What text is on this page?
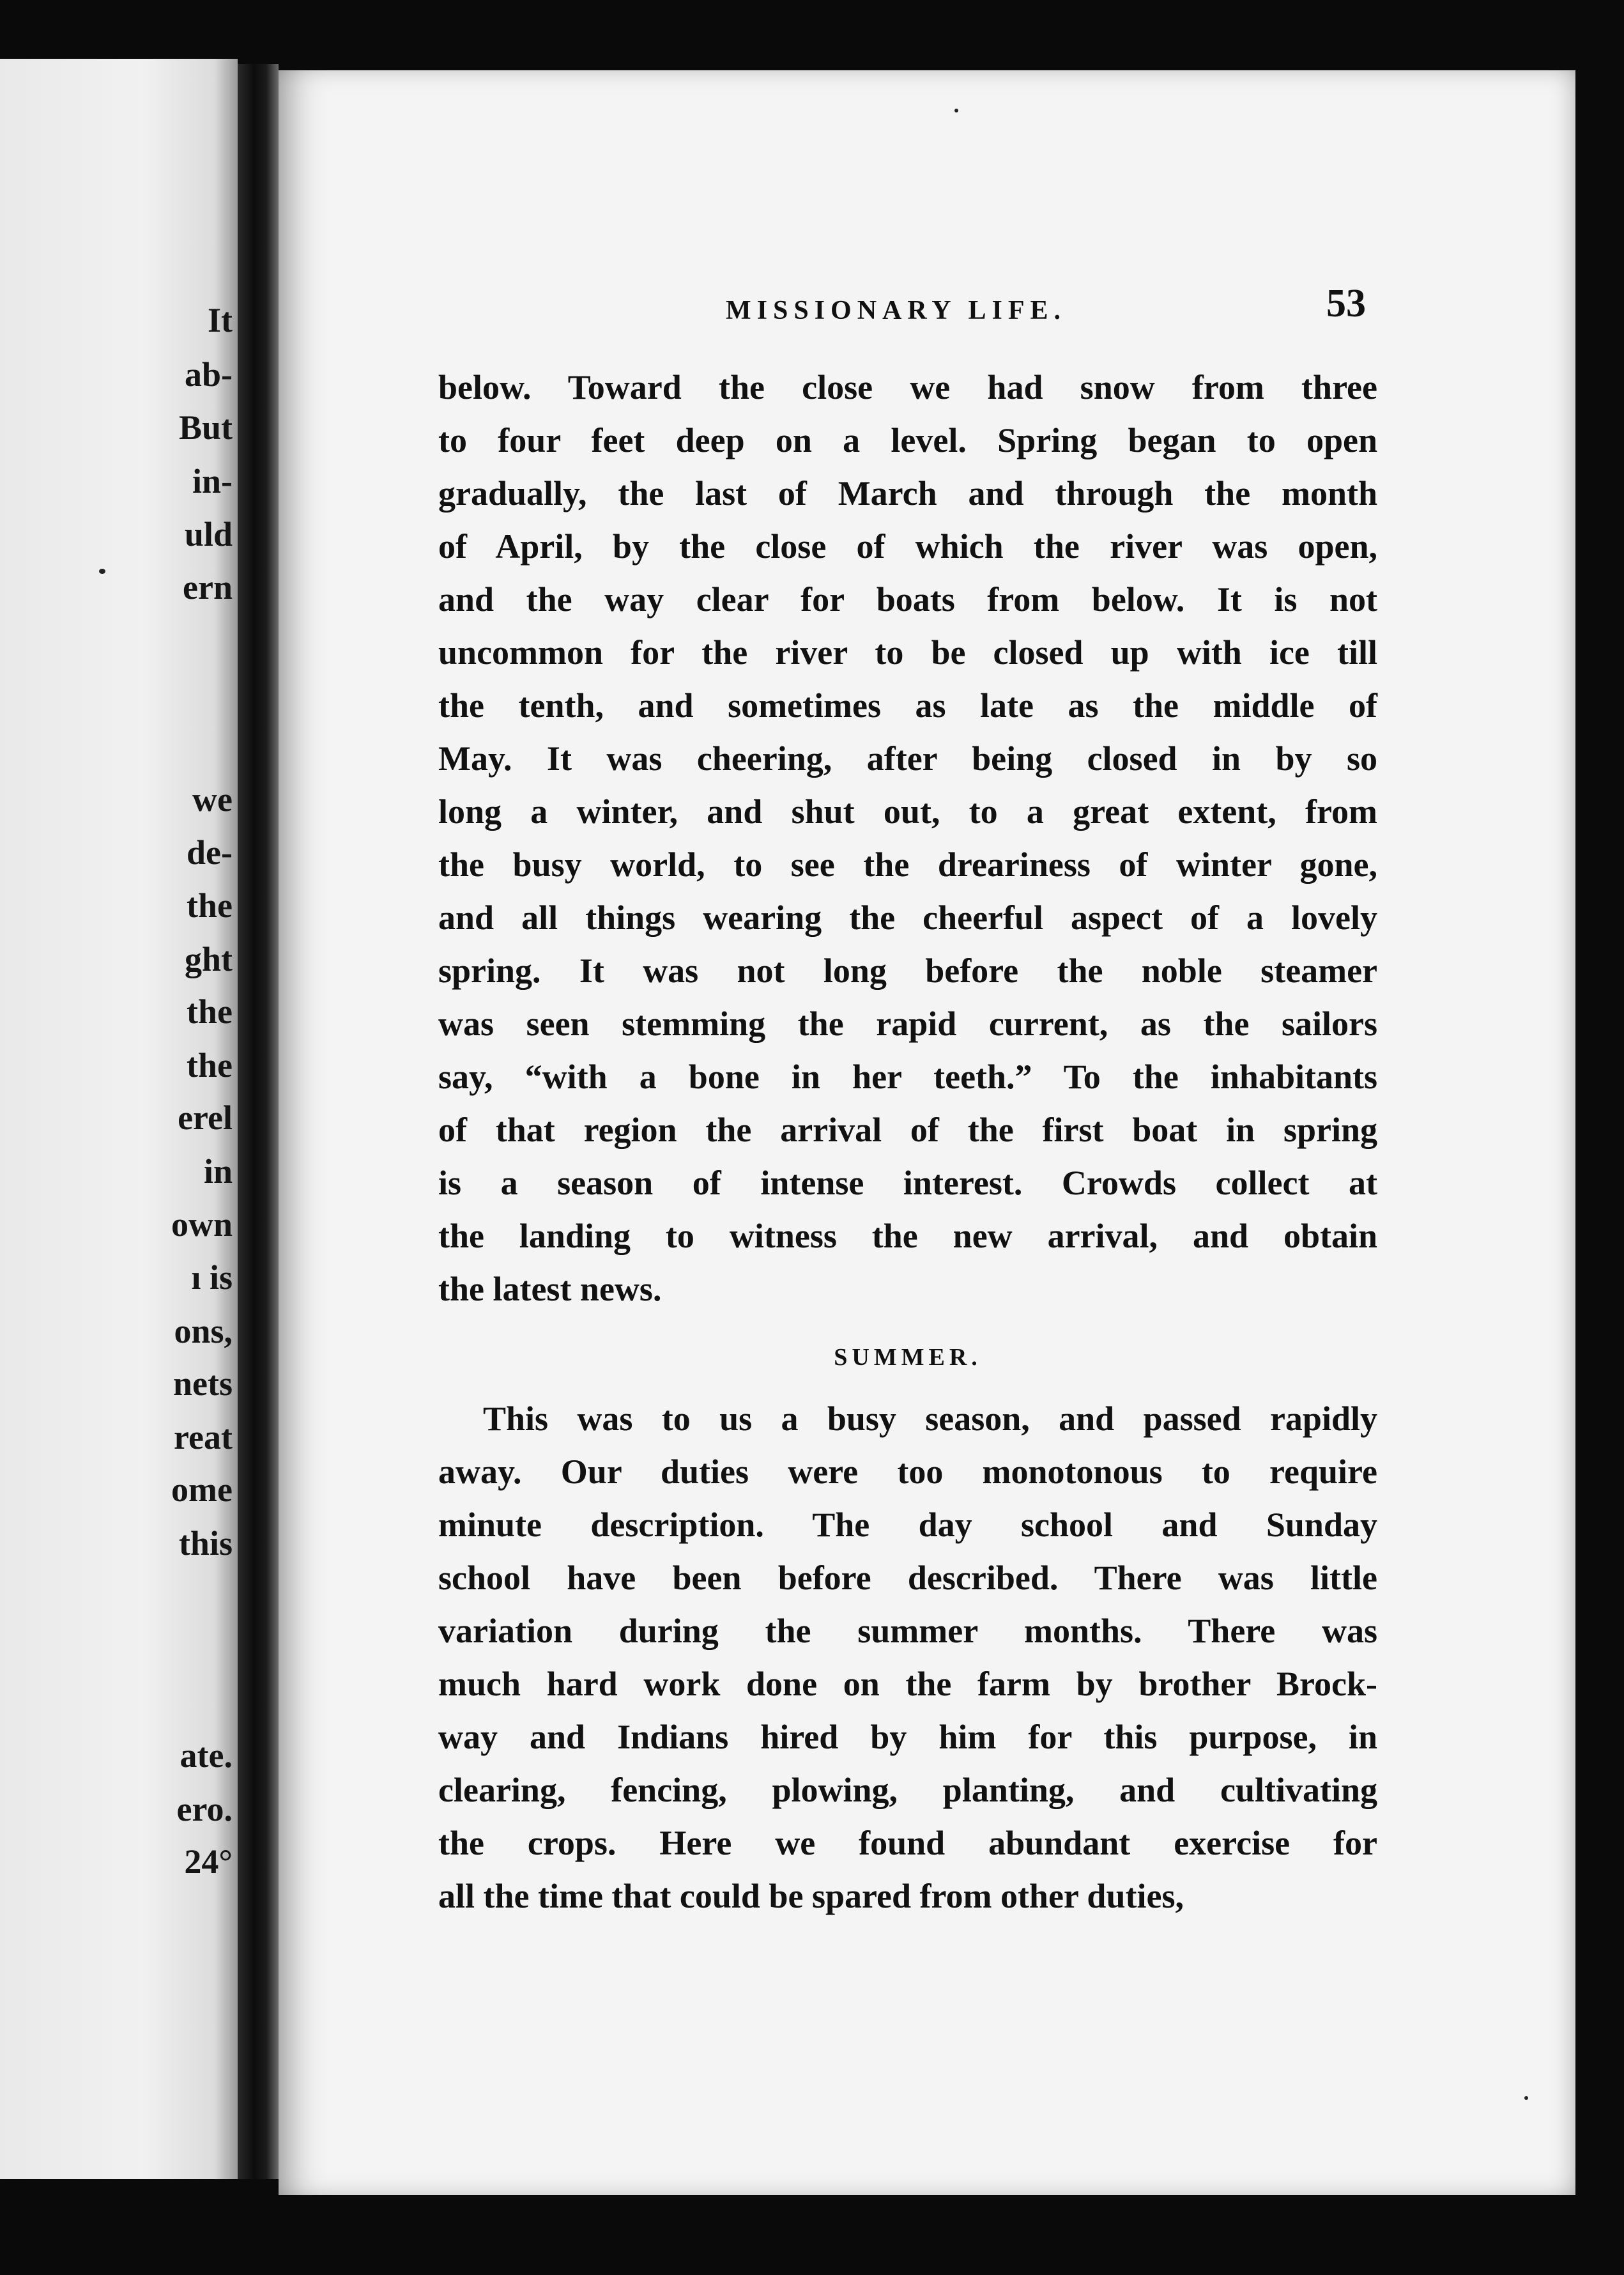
It
ab-
But
in-
uld
ern
we
de-
the
ght
the
the
erel
in
own
ı is
ons,
nets
reat
ome
this
ate.
ero.
24°
MISSIONARY LIFE.	53
below. Toward the close we had snow from three
to four feet deep on a level. Spring began to open
gradually, the last of March and through the month
of April, by the close of which the river was open,
and the way clear for boats from below. It is not
uncommon for the river to be closed up with ice till
the tenth, and sometimes as late as the middle of
May. It was cheering, after being closed in by so
long a winter, and shut out, to a great extent, from
the busy world, to see the dreariness of winter gone,
and all things wearing the cheerful aspect of a lovely
spring. It was not long before the noble steamer
was seen stemming the rapid current, as the sailors
say, “with a bone in her teeth.” To the inhabitants
of that region the arrival of the first boat in spring
is a season of intense interest. Crowds collect at
the landing to witness the new arrival, and obtain
the latest news.
SUMMER.
This was to us a busy season, and passed rapidly
away. Our duties were too monotonous to require
minute description. The day school and Sunday
school have been before described. There was little
variation during the summer months. There was
much hard work done on the farm by brother Brock-
way and Indians hired by him for this purpose, in
clearing, fencing, plowing, planting, and cultivating
the crops. Here we found abundant exercise for
all the time that could be spared from other duties,
